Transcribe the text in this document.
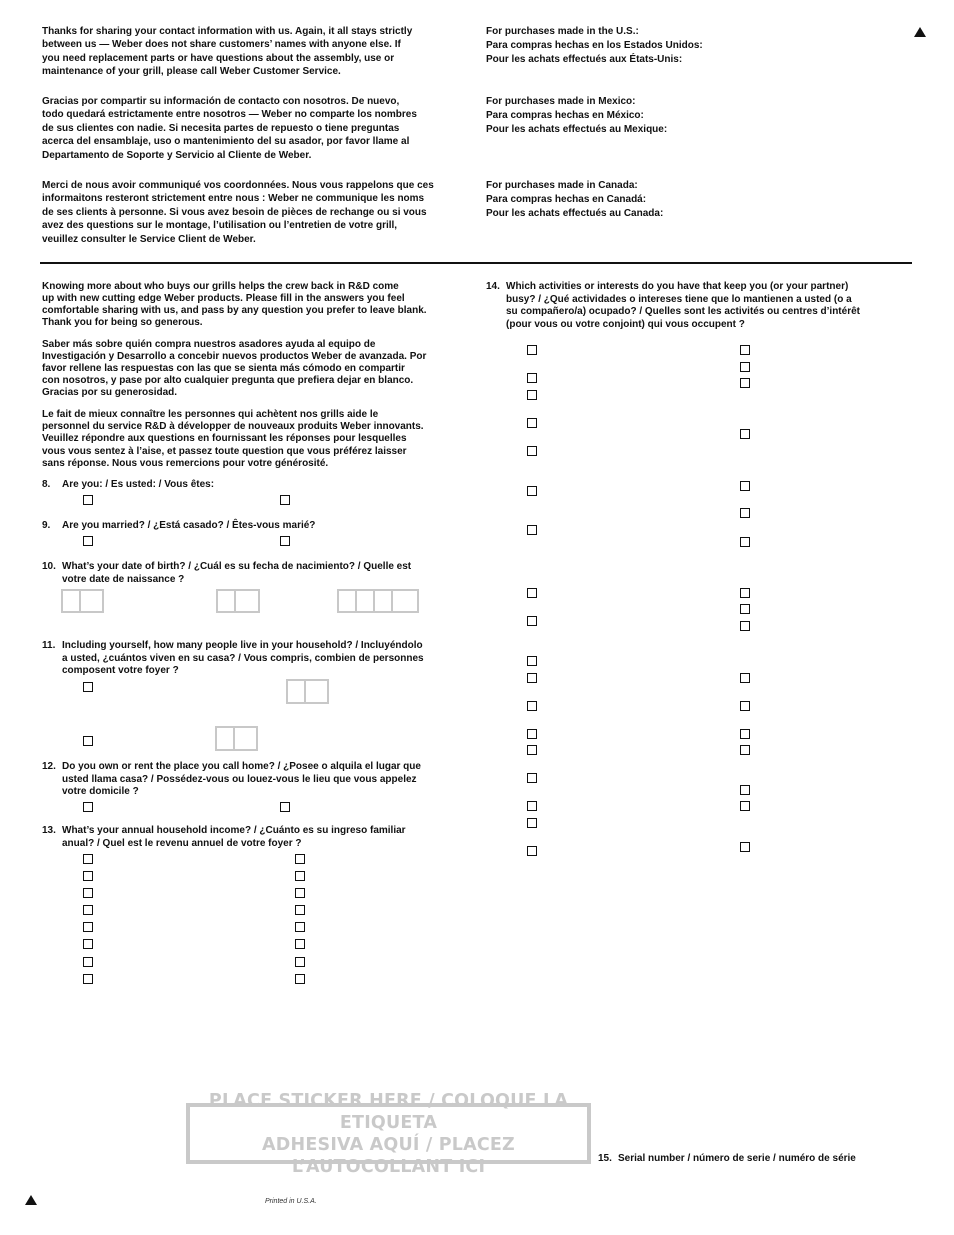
Thanks for sharing your contact information with us. Again, it all stays strictly
between us — Weber does not share customers’ names with anyone else. If
you need replacement parts or have questions about the assembly, use or
maintenance of your grill, please call Weber Customer Service.

Gracias por compartir su información de contacto con nosotros. De nuevo,
todo quedará estrictamente entre nosotros — Weber no comparte los nombres
de sus clientes con nadie. Si necesita partes de repuesto o tiene preguntas
acerca del ensamblaje, uso o mantenimiento del su asador, por favor llame al
Departamento de Soporte y Servicio al Cliente de Weber.

Merci de nous avoir communiqué vos coordonnées. Nous vous rappelons que ces
informaitons resteront strictement entre nous : Weber ne communique les noms
de ses clients à personne. Si vous avez besoin de pièces de rechange ou si vous
avez des questions sur le montage, l’utilisation ou l’entretien de votre grill,
veuillez consulter le Service Client de Weber.

For purchases made in the U.S.:
Para compras hechas en los Estados Unidos:
Pour les achats effectués aux États-Unis:

For purchases made in Mexico:
Para compras hechas en México:
Pour les achats effectués au Mexique:

For purchases made in Canada:
Para compras hechas en Canadá:
Pour les achats effectués au Canada:

Knowing more about who buys our grills helps the crew back in R&D come
up with new cutting edge Weber products. Please fill in the answers you feel
comfortable sharing with us, and pass by any question you prefer to leave blank.
Thank you for being so generous.

Saber más sobre quién compra nuestros asadores ayuda al equipo de
Investigación y Desarrollo a concebir nuevos productos Weber de avanzada. Por
favor rellene las respuestas con las que se sienta más cómodo en compartir
con nosotros, y pase por alto cualquier pregunta que prefiera dejar en blanco.
Gracias por su generosidad.

Le fait de mieux connaître les personnes qui achètent nos grills aide le
personnel du service R&D à développer de nouveaux produits Weber innovants.
Veuillez répondre aux questions en fournissant les réponses pour lesquelles
vous vous sentez à l’aise, et passez toute question que vous préférez laisser
sans réponse. Nous vous remercions pour votre générosité.

8. Are you: / Es usted: / Vous êtes:

9. Are you married? / ¿Está casado? / Êtes-vous marié?

10. What’s your date of birth? / ¿Cuál es su fecha de nacimiento? / Quelle est
votre date de naissance ?

11. Including yourself, how many people live in your household? / Incluyéndolo
a usted, ¿cuántos viven en su casa? / Vous compris, combien de personnes
composent votre foyer ?

12. Do you own or rent the place you call home? / ¿Posee o alquila el lugar que
usted llama casa? / Possédez-vous ou louez-vous le lieu que vous appelez
votre domicile ?

13. What’s your annual household income? / ¿Cuánto es su ingreso familiar
anual? / Quel est le revenu annuel de votre foyer ?

14. Which activities or interests do you have that keep you (or your partner)
busy? / ¿Qué actividades o intereses tiene que lo mantienen a usted (o a
su compañero/a) ocupado? / Quelles sont les activités ou centres d’intérêt
(pour vous ou votre conjoint) qui vous occupent ?

PLACE STICKER HERE / COLOQUE LA ETIQUETA
ADHESIVA AQUÍ / PLACEZ L’AUTOCOLLANT ICI	15. Serial number / número de serie / numéro de série

Printed in U.S.A.
